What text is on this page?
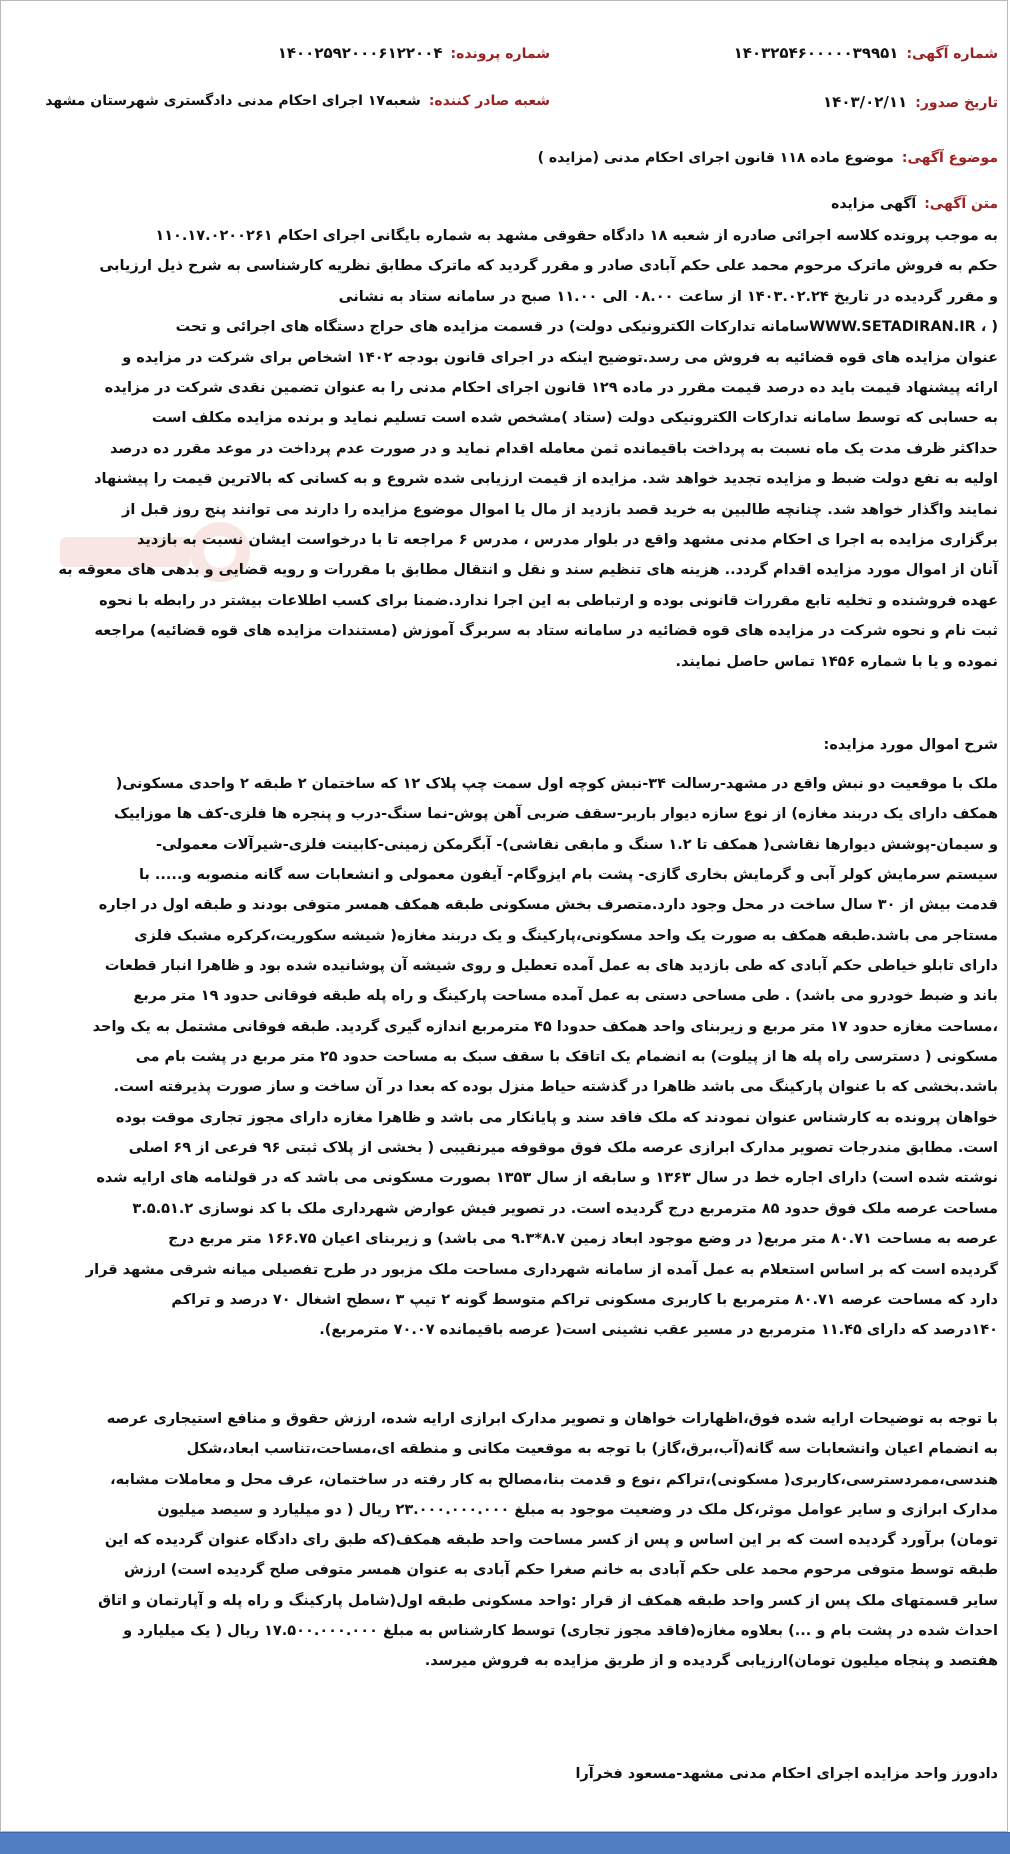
شماره آگهی:
۱۴۰۳۲۵۴۶۰۰۰۰۰۳۹۹۵۱
شماره پرونده:
۱۴۰۰۲۵۹۲۰۰۰۶۱۲۲۰۰۴
تاریخ صدور:
۱۴۰۳/۰۲/۱۱
شعبه صادر کننده:
شعبه۱۷ اجرای احکام مدنی دادگستری شهرستان مشهد
موضوع آگهی:
موضوع ماده ۱۱۸ قانون اجرای احکام مدنی (مزایده )
متن آگهی:
آگهی مزایده

به موجب پرونده کلاسه اجرائی صادره از شعبه ۱۸ دادگاه حقوقی مشهد به شماره بایگانی اجرای احکام ۱۱۰.۱۷.۰۲۰۰۲۶۱
حکم به فروش ماترک مرحوم محمد علی حکم آبادی صادر و مقرر گردید که ماترک مطابق نظریه کارشناسی به شرح ذیل ارزیابی
و مقرر گردیده در تاریخ ۱۴۰۳.۰۲.۲۴ از ساعت ۰۸.۰۰ الی ۱۱.۰۰ صبح در سامانه ستاد به نشانی
( ، WWW.SETADIRAN.IRسامانه تدارکات الکترونیکی دولت) در قسمت مزایده های حراج دستگاه های اجرائی و تحت
عنوان مزایده های قوه قضائیه به فروش می رسد.توضیح اینکه در اجرای قانون بودجه ۱۴۰۲ اشخاص برای شرکت در مزایده و
ارائه پیشنهاد قیمت باید ده درصد قیمت مقرر در ماده ۱۲۹ قانون اجرای احکام مدنی را به عنوان تضمین نقدی شرکت در مزایده
به حسابی که توسط سامانه تدارکات الکترونیکی دولت (ستاد )مشخص شده است تسلیم نماید و برنده مزایده مکلف است
حداکثر ظرف مدت یک ماه نسبت به پرداخت باقیمانده ثمن معامله اقدام نماید و در صورت عدم پرداخت در موعد مقرر ده درصد
اولیه به نفع دولت ضبط و مزایده تجدید خواهد شد. مزایده از قیمت ارزیابی شده شروع و به کسانی که بالاترین قیمت را پیشنهاد
نمایند واگذار خواهد شد. چنانچه طالبین به خرید قصد بازدید از مال یا اموال موضوع مزایده را دارند می توانند پنج روز قبل از
برگزاری مزایده به اجرا ی احکام مدنی مشهد واقع در بلوار مدرس ، مدرس ۶ مراجعه تا با درخواست ایشان نسبت به بازدید
آنان از اموال مورد مزایده اقدام گردد.. هزینه های تنظیم سند و نقل و انتقال مطابق با مقررات و رویه قضایی و بدهی های معوقه به
عهده فروشنده و تخلیه تابع مقررات قانونی بوده و ارتباطی به این اجرا ندارد.ضمنا برای کسب اطلاعات بیشتر در رابطه با نحوه
ثبت نام و نحوه شرکت در مزایده های قوه قضائیه در سامانه ستاد به سربرگ آموزش (مستندات مزایده های قوه قضائیه) مراجعه
نموده و یا با شماره ۱۴۵۶ تماس حاصل نمایند.

شرح اموال مورد مزایده:

ملک با موقعیت دو نبش واقع در مشهد-رسالت ۳۴-نبش کوچه اول سمت چپ پلاک ۱۲ که ساختمان ۲ طبقه ۲ واحدی مسکونی(
همکف دارای یک دربند مغازه) از نوع سازه دیوار باربر-سقف ضربی آهن پوش-نما سنگ-درب و پنجره ها فلزی-کف ها موزاییک
و سیمان-پوشش دیوارها نقاشی( همکف تا ۱.۲ سنگ و مابقی نقاشی)- آبگرمکن زمینی-کابینت فلزی-شیرآلات معمولی-
سیستم سرمایش کولر آبی و گرمایش بخاری گازی- پشت بام ایزوگام- آیفون معمولی و انشعابات سه گانه منصوبه و..... با
قدمت بیش از ۳۰ سال ساخت در محل وجود دارد.متصرف بخش مسکونی طبقه همکف همسر متوفی بودند و طبقه اول در اجاره
مستاجر می باشد.طبقه همکف به صورت یک واحد مسکونی،پارکینگ و یک دربند مغازه( شیشه سکوریت،کرکره مشبک فلزی
دارای تابلو خیاطی حکم آبادی که طی بازدید های به عمل آمده تعطیل و روی شیشه آن پوشانیده شده بود و ظاهرا انبار قطعات
باند و ضبط خودرو می باشد) . طی مساحی دستی به عمل آمده مساحت پارکینگ و راه پله طبقه فوقانی حدود ۱۹ متر مربع
،مساحت مغازه حدود ۱۷ متر مربع و زیربنای واحد همکف حدودا ۴۵ مترمربع اندازه گیری گردید. طبقه فوقانی مشتمل به یک واحد
مسکونی ( دسترسی راه پله ها از پیلوت) به انضمام یک اتاقک با سقف سبک به مساحت حدود ۲۵ متر مربع در پشت بام می
باشد.بخشی که با عنوان پارکینگ می باشد ظاهرا در گذشته حیاط منزل بوده که بعدا در آن ساخت و ساز صورت پذیرفته است.
خواهان پرونده به کارشناس عنوان نمودند که ملک فاقد سند و پایانکار می باشد و ظاهرا مغازه دارای مجوز تجاری موقت بوده
است. مطابق مندرجات تصویر مدارک ابرازی عرصه ملک فوق موقوفه میرنقیبی ( بخشی از پلاک ثبتی ۹۶ فرعی از ۶۹ اصلی
نوشته شده است) دارای اجاره خط در سال ۱۳۶۳ و سابقه از سال ۱۳۵۳ بصورت مسکونی می باشد که در قولنامه های ارایه شده
مساحت عرصه ملک فوق حدود ۸۵ مترمربع درج گردیده است. در تصویر فیش عوارض شهرداری ملک با کد نوسازی ۳.۵.۵۱.۲
عرصه به مساحت ۸۰.۷۱ متر مربع( در وضع موجود ابعاد زمین ۸.۷*۹.۳ می باشد) و زیربنای اعیان ۱۶۶.۷۵ متر مربع درج
گردیده است که بر اساس استعلام به عمل آمده از سامانه شهرداری مساحت ملک مزبور در طرح تفصیلی میانه شرقی مشهد قرار
دارد که مساحت عرصه ۸۰.۷۱ مترمربع با کاربری مسکونی تراکم متوسط گونه ۲ تیپ ۳ ،سطح اشغال ۷۰ درصد و تراکم
۱۴۰درصد که دارای ۱۱.۴۵ مترمربع در مسیر عقب نشینی است( عرصه باقیمانده ۷۰.۰۷ مترمربع).

با توجه به توضیحات ارایه شده فوق،اظهارات خواهان و تصویر مدارک ابرازی ارایه شده، ارزش حقوق و منافع استیجاری عرصه
به انضمام اعیان وانشعابات سه گانه(آب،برق،گاز) با توجه به موقعیت مکانی و منطقه ای،مساحت،تناسب ابعاد،شکل
هندسی،ممردسترسی،کاربری( مسکونی)،تراکم ،نوع و قدمت بنا،مصالح به کار رفته در ساختمان، عرف محل و معاملات مشابه،
مدارک ابرازی و سایر عوامل موثر،کل ملک در وضعیت موجود به مبلغ ۲۳.۰۰۰.۰۰۰.۰۰۰ ریال ( دو میلیارد و سیصد میلیون
تومان) برآورد گردیده است که بر این اساس و پس از کسر مساحت واحد طبقه همکف(که طبق رای دادگاه عنوان گردیده که این
طبقه توسط متوفی مرحوم محمد علی حکم آبادی به خانم صغرا حکم آبادی به عنوان همسر متوفی صلح گردیده است) ارزش
سایر قسمتهای ملک پس از کسر واحد طبقه همکف از قرار :واحد مسکونی طبقه اول(شامل پارکینگ و راه پله و آپارتمان و اتاق
احداث شده در پشت بام و ...) بعلاوه مغازه(فاقد مجوز تجاری) توسط کارشناس به مبلغ ۱۷.۵۰۰.۰۰۰.۰۰۰ ریال ( یک میلیارد و
هفتصد و پنجاه میلیون تومان)ارزیابی گردیده و از طریق مزایده به فروش میرسد.

دادورز واحد مزایده اجرای احکام مدنی مشهد-مسعود فخرآرا
